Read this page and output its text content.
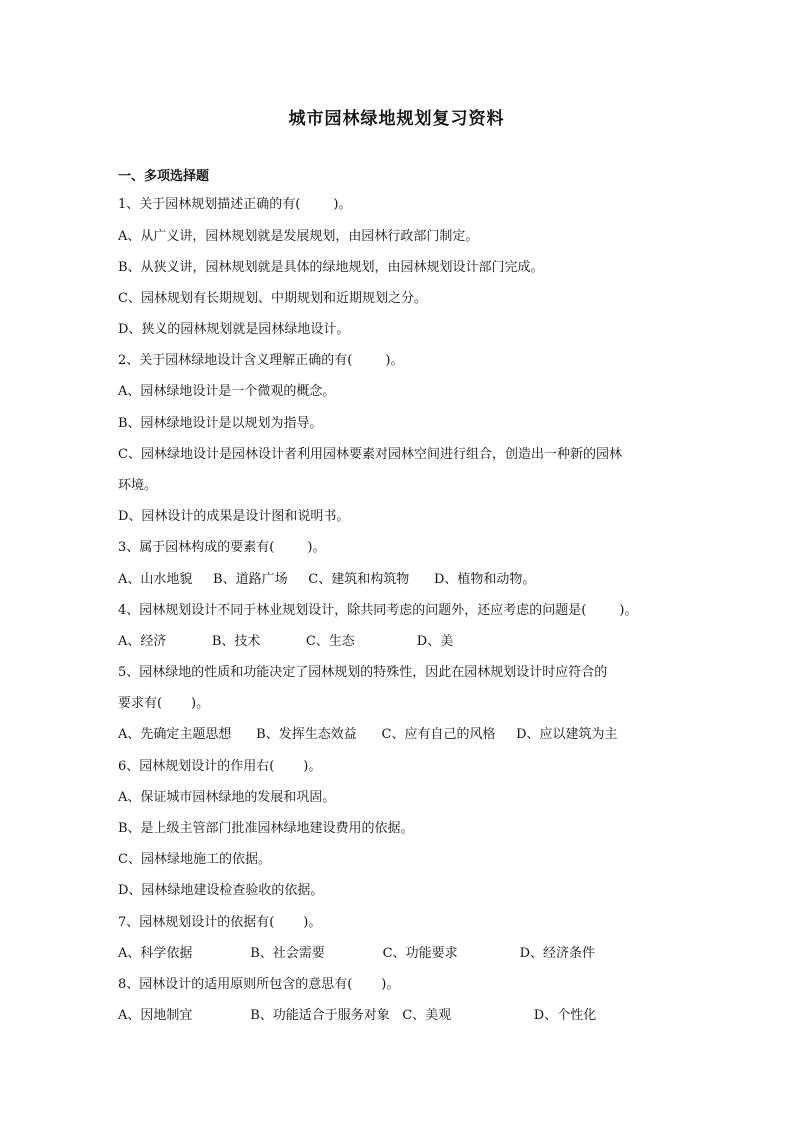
城市园林绿地规划复习资料
一、多项选择题
1、关于园林规划描述正确的有(        )。
A、从广义讲，园林规划就是发展规划，由园林行政部门制定。
B、从狭义讲，园林规划就是具体的绿地规划，由园林规划设计部门完成。
C、园林规划有长期规划、中期规划和近期规划之分。
D、狭义的园林规划就是园林绿地设计。
2、关于园林绿地设计含义理解正确的有(        )。
A、园林绿地设计是一个微观的概念。
B、园林绿地设计是以规划为指导。
C、园林绿地设计是园林设计者利用园林要素对园林空间进行组合，创造出一种新的园林
环境。
D、园林设计的成果是设计图和说明书。
3、属于园林构成的要素有(        )。
A、山水地貌     B、道路广场     C、建筑和构筑物      D、植物和动物。
4、园林规划设计不同于林业规划设计，除共同考虑的问题外，还应考虑的问题是(        )。
A、经济           B、技术           C、生态               D、美
5、园林绿地的性质和功能决定了园林规划的特殊性，因此在园林规划设计时应符合的
要求有(       )。
A、先确定主题思想      B、发挥生态效益      C、应有自己的风格     D、应以建筑为主
6、园林规划设计的作用右(       )。
A、保证城市园林绿地的发展和巩固。
B、是上级主管部门批准园林绿地建设费用的依据。
C、园林绿地施工的依据。
D、园林绿地建设检查验收的依据。
7、园林规划设计的依据有(       )。
A、科学依据              B、社会需要              C、功能要求               D、经济条件
8、园林设计的适用原则所包含的意思有(       )。
A、因地制宜              B、功能适合于服务对象   C、美观                    D、个性化
